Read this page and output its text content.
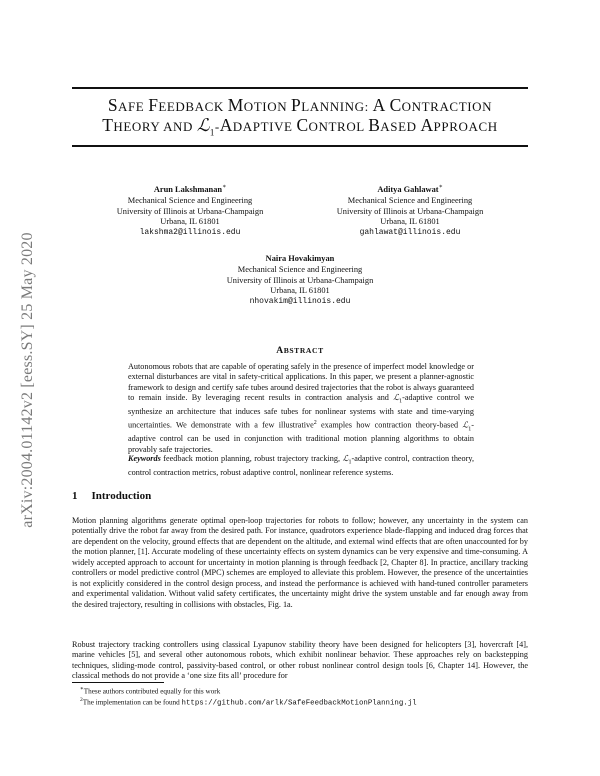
arXiv:2004.01142v2 [eess.SY] 25 May 2020
SAFE FEEDBACK MOTION PLANNING: A CONTRACTION
THEORY AND ℒ$_1$-ADAPTIVE CONTROL BASED APPROACH
Arun Lakshmanan∗
Mechanical Science and Engineering
University of Illinois at Urbana-Champaign
Urbana, IL 61801
lakshma2@illinois.edu
Aditya Gahlawat∗
Mechanical Science and Engineering
University of Illinois at Urbana-Champaign
Urbana, IL 61801
gahlawat@illinois.edu
Naira Hovakimyan
Mechanical Science and Engineering
University of Illinois at Urbana-Champaign
Urbana, IL 61801
nhovakim@illinois.edu
ABSTRACT
Autonomous robots that are capable of operating safely in the presence of imperfect model knowledge or external disturbances are vital in safety-critical applications. In this paper, we present a planner-agnostic framework to design and certify safe tubes around desired trajectories that the robot is always guaranteed to remain inside. By leveraging recent results in contraction analysis and ℒ$_1$-adaptive control we synthesize an architecture that induces safe tubes for nonlinear systems with state and time-varying uncertainties. We demonstrate with a few illustrative$^2$ examples how contraction theory-based ℒ$_1$-adaptive control can be used in conjunction with traditional motion planning algorithms to obtain provably safe trajectories.
Keywords feedback motion planning, robust trajectory tracking, ℒ$_1$-adaptive control, contraction theory, control contraction metrics, robust adaptive control, nonlinear reference systems.
1 Introduction
Motion planning algorithms generate optimal open-loop trajectories for robots to follow; however, any uncertainty in the system can potentially drive the robot far away from the desired path. For instance, quadrotors experience blade-flapping and induced drag forces that are dependent on the velocity, ground effects that are dependent on the altitude, and external wind effects that are often unaccounted for by the motion planner, [1]. Accurate modeling of these uncertainty effects on system dynamics can be very expensive and time-consuming. A widely accepted approach to account for uncertainty in motion planning is through feedback [2, Chapter 8]. In practice, ancillary tracking controllers or model predictive control (MPC) schemes are employed to alleviate this problem. However, the presence of the uncertainties is not explicitly considered in the control design process, and instead the performance is achieved with hand-tuned controller parameters and experimental validation. Without valid safety certificates, the uncertainty might drive the system unstable and far enough away from the desired trajectory, resulting in collisions with obstacles, Fig. 1a.
Robust trajectory tracking controllers using classical Lyapunov stability theory have been designed for helicopters [3], hovercraft [4], marine vehicles [5], and several other autonomous robots, which exhibit nonlinear behavior. These approaches rely on backstepping techniques, sliding-mode control, passivity-based control, or other robust nonlinear control design tools [6, Chapter 14]. However, the classical methods do not provide a ‘one size fits all’ procedure for
∗These authors contributed equally for this work
$^2$The implementation can be found https://github.com/arlk/SafeFeedbackMotionPlanning.jl
